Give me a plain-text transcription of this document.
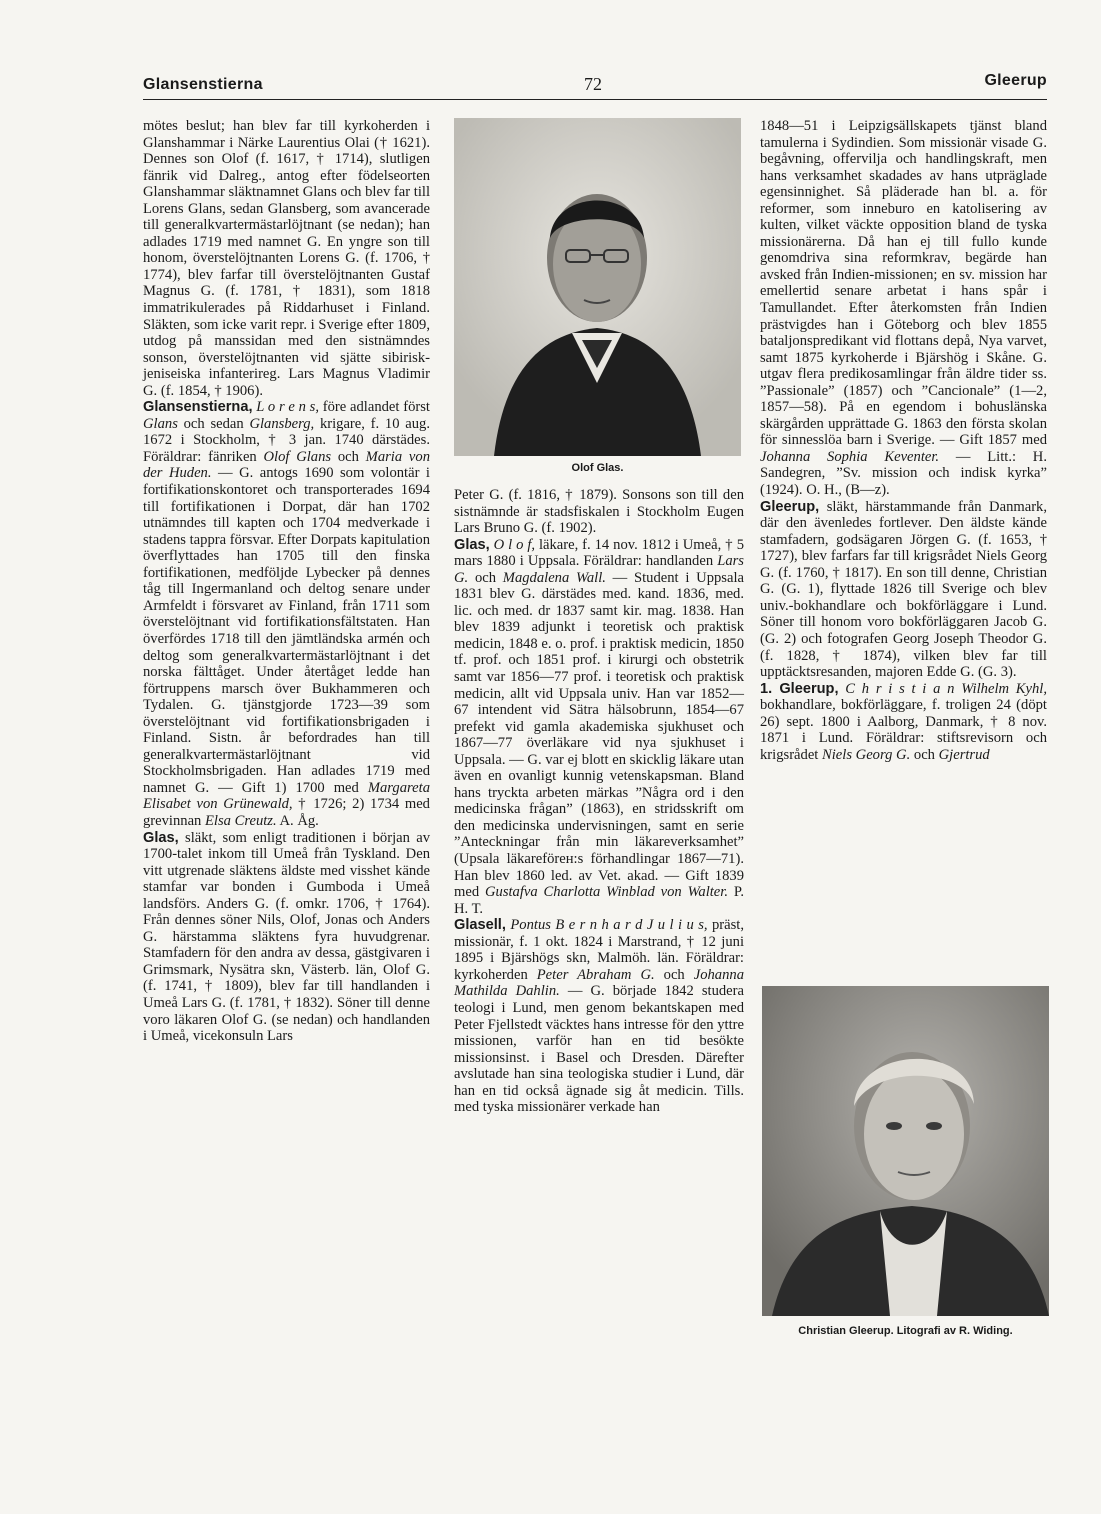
Glansenstierna	72	Gleerup

mötes beslut; han blev far till kyrkoherden i Glanshammar i Närke Laurentius Olai († 1621). Dennes son Olof (f. 1617, † 1714), slutligen fänrik vid Dalreg., antog efter födelseorten Glanshammar släktnamnet Glans och blev far till Lorens Glans, sedan Glansberg, som avancerade till generalkvartermästarlöjtnant (se nedan); han adlades 1719 med namnet G. En yngre son till honom, överstelöjtnanten Lorens G. (f. 1706, † 1774), blev farfar till överstelöjtnanten Gustaf Magnus G. (f. 1781, † 1831), som 1818 immatrikulerades på Riddarhuset i Finland. Släkten, som icke varit repr. i Sverige efter 1809, utdog på manssidan med den sistnämndes sonson, överstelöjtnanten vid sjätte sibirisk-jeniseiska infanterireg. Lars Magnus Vladimir G. (f. 1854, † 1906).

Glansenstierna, L o r e n s, före adlandet först Glans och sedan Glansberg, krigare, f. 10 aug. 1672 i Stockholm, † 3 jan. 1740 därstädes. Föräldrar: fänriken Olof Glans och Maria von der Huden. — G. antogs 1690 som volontär i fortifikationskontoret och transporterades 1694 till fortifikationen i Dorpat, där han 1702 utnämndes till kapten och 1704 medverkade i stadens tappra försvar. Efter Dorpats kapitulation överflyttades han 1705 till den finska fortifikationen, medföljde Lybecker på dennes tåg till Ingermanland och deltog senare under Armfeldt i försvaret av Finland, från 1711 som överstelöjtnant vid fortifikationsfältstaten. Han överfördes 1718 till den jämtländska armén och deltog som generalkvartermästarlöjtnant i det norska fälttåget. Under återtåget ledde han förtruppens marsch över Bukhammeren och Tydalen. G. tjänstgjorde 1723—39 som överstelöjtnant vid fortifikationsbrigaden i Finland. Sistn. år befordrades han till generalkvartermästarlöjtnant vid Stockholmsbrigaden. Han adlades 1719 med namnet G. — Gift 1) 1700 med Margareta Elisabet von Grünewald, † 1726; 2) 1734 med grevinnan Elsa Creutz. A. Åg.

Glas, släkt, som enligt traditionen i början av 1700-talet inkom till Umeå från Tyskland. Den vitt utgrenade släktens äldste med visshet kände stamfar var bonden i Gumboda i Umeå landsförs. Anders G. (f. omkr. 1706, † 1764). Från dennes söner Nils, Olof, Jonas och Anders G. härstamma släktens fyra huvudgrenar. Stamfadern för den andra av dessa, gästgivaren i Grimsmark, Nysätra skn, Västerb. län, Olof G. (f. 1741, † 1809), blev far till handlanden i Umeå Lars G. (f. 1781, † 1832). Söner till denne voro läkaren Olof G. (se nedan) och handlanden i Umeå, vicekonsuln Lars

Olof Glas.

Peter G. (f. 1816, † 1879). Sonsons son till den sistnämnde är stadsfiskalen i Stockholm Eugen Lars Bruno G. (f. 1902).

Glas, O l o f, läkare, f. 14 nov. 1812 i Umeå, † 5 mars 1880 i Uppsala. Föräldrar: handlanden Lars G. och Magdalena Wall. — Student i Uppsala 1831 blev G. därstädes med. kand. 1836, med. lic. och med. dr 1837 samt kir. mag. 1838. Han blev 1839 adjunkt i teoretisk och praktisk medicin, 1848 e. o. prof. i praktisk medicin, 1850 tf. prof. och 1851 prof. i kirurgi och obstetrik samt var 1856—77 prof. i teoretisk och praktisk medicin, allt vid Uppsala univ. Han var 1852—67 intendent vid Sätra hälsobrunn, 1854—67 prefekt vid gamla akademiska sjukhuset och 1867—77 överläkare vid nya sjukhuset i Uppsala. — G. var ej blott en skicklig läkare utan även en ovanligt kunnig vetenskapsman. Bland hans tryckta arbeten märkas ”Några ord i den medicinska frågan” (1863), en stridsskrift om den medicinska undervisningen, samt en serie ”Anteckningar från min läkareverksamhet” (Upsala läkareförен:s förhandlingar 1867—71). Han blev 1860 led. av Vet. akad. — Gift 1839 med Gustafva Charlotta Winblad von Walter. P. H. T.

Glasell, Pontus B e r n h a r d J u l i u s, präst, missionär, f. 1 okt. 1824 i Marstrand, † 12 juni 1895 i Bjärshögs skn, Malmöh. län. Föräldrar: kyrkoherden Peter Abraham G. och Johanna Mathilda Dahlin. — G. började 1842 studera teologi i Lund, men genom bekantskapen med Peter Fjellstedt väcktes hans intresse för den yttre missionen, varför han en tid besökte missionsinst. i Basel och Dresden. Därefter avslutade han sina teologiska studier i Lund, där han en tid också ägnade sig åt medicin. Tills. med tyska missionärer verkade han

1848—51 i Leipzigsällskapets tjänst bland tamulerna i Sydindien. Som missionär visade G. begåvning, offervilja och handlingskraft, men hans verksamhet skadades av hans utpräglade egensinnighet. Så pläderade han bl. a. för reformer, som inneburo en katolisering av kulten, vilket väckte opposition bland de tyska missionärerna. Då han ej till fullo kunde genomdriva sina reformkrav, begärde han avsked från Indien-missionen; en sv. mission har emellertid senare arbetat i hans spår i Tamullandet. Efter återkomsten från Indien prästvigdes han i Göteborg och blev 1855 bataljonspredikant vid flottans depå, Nya varvet, samt 1875 kyrkoherde i Bjärshög i Skåne. G. utgav flera predikosamlingar från äldre tider ss. ”Passionale” (1857) och ”Cancionale” (1—2, 1857—58). På en egendom i bohuslänska skärgården upprättade G. 1863 den första skolan för sinnesslöa barn i Sverige. — Gift 1857 med Johanna Sophia Keventer. — Litt.: H. Sandegren, ”Sv. mission och indisk kyrka” (1924). O. H., (B—z).

Gleerup, släkt, härstammande från Danmark, där den ävenledes fortlever. Den äldste kände stamfadern, godsägaren Jörgen G. (f. 1653, † 1727), blev farfars far till krigsrådet Niels Georg G. (f. 1760, † 1817). En son till denne, Christian G. (G. 1), flyttade 1826 till Sverige och blev univ.-bokhandlare och bokförläggare i Lund. Söner till honom voro bokförläggaren Jacob G. (G. 2) och fotografen Georg Joseph Theodor G. (f. 1828, † 1874), vilken blev far till upptäcktsresanden, majoren Edde G. (G. 3).

1. Gleerup, C h r i s t i a n Wilhelm Kyhl, bokhandlare, bokförläggare, f. troligen 24 (döpt 26) sept. 1800 i Aalborg, Danmark, † 8 nov. 1871 i Lund. Föräldrar: stiftsrevisorn och krigsrådet Niels Georg G. och Gjertrud

Christian Gleerup. Litografi av R. Widing.
